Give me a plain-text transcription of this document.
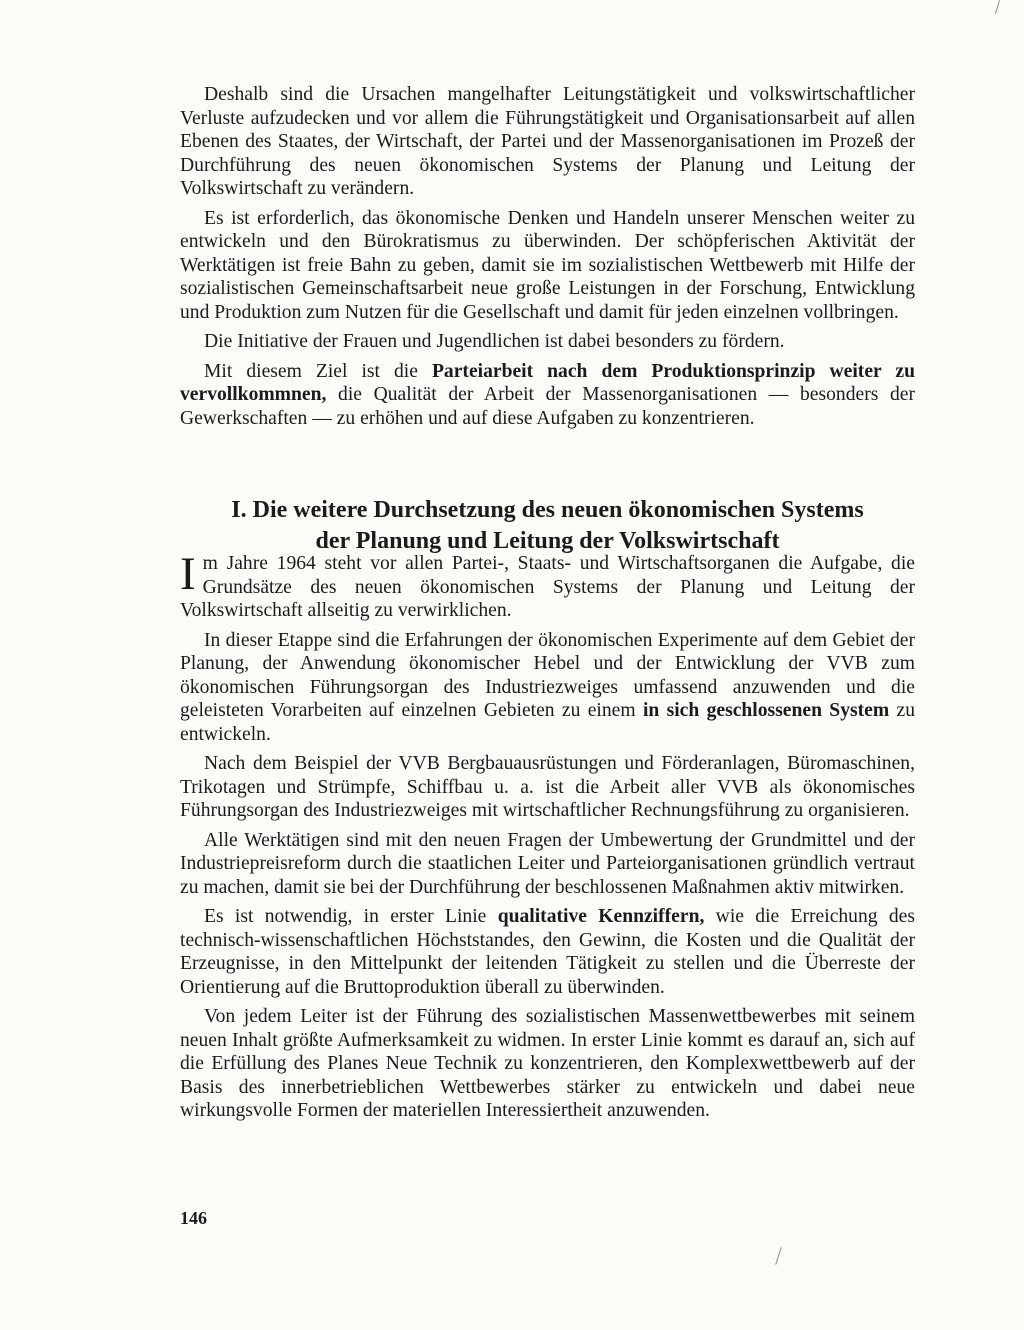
Deshalb sind die Ursachen mangelhafter Leitungstätigkeit und volkswirtschaftlicher Verluste aufzudecken und vor allem die Führungstätigkeit und Organisationsarbeit auf allen Ebenen des Staates, der Wirtschaft, der Partei und der Massenorganisationen im Prozeß der Durchführung des neuen ökonomischen Systems der Planung und Leitung der Volkswirtschaft zu verändern.

Es ist erforderlich, das ökonomische Denken und Handeln unserer Menschen weiter zu entwickeln und den Bürokratismus zu überwinden. Der schöpferischen Aktivität der Werktätigen ist freie Bahn zu geben, damit sie im sozialistischen Wettbewerb mit Hilfe der sozialistischen Gemeinschaftsarbeit neue große Leistungen in der Forschung, Entwicklung und Produktion zum Nutzen für die Gesellschaft und damit für jeden einzelnen vollbringen.

Die Initiative der Frauen und Jugendlichen ist dabei besonders zu fördern.

Mit diesem Ziel ist die Parteiarbeit nach dem Produktionsprinzip weiter zu vervollkommnen, die Qualität der Arbeit der Massenorganisationen — besonders der Gewerkschaften — zu erhöhen und auf diese Aufgaben zu konzentrieren.

I. Die weitere Durchsetzung des neuen ökonomischen Systems
der Planung und Leitung der Volkswirtschaft

Im Jahre 1964 steht vor allen Partei-, Staats- und Wirtschaftsorganen die Aufgabe, die Grundsätze des neuen ökonomischen Systems der Planung und Leitung der Volkswirtschaft allseitig zu verwirklichen.

In dieser Etappe sind die Erfahrungen der ökonomischen Experimente auf dem Gebiet der Planung, der Anwendung ökonomischer Hebel und der Entwicklung der VVB zum ökonomischen Führungsorgan des Industriezweiges umfassend anzuwenden und die geleisteten Vorarbeiten auf einzelnen Gebieten zu einem in sich geschlossenen System zu entwickeln.

Nach dem Beispiel der VVB Bergbauausrüstungen und Förderanlagen, Büromaschinen, Trikotagen und Strümpfe, Schiffbau u. a. ist die Arbeit aller VVB als ökonomisches Führungsorgan des Industriezweiges mit wirtschaftlicher Rechnungsführung zu organisieren.

Alle Werktätigen sind mit den neuen Fragen der Umbewertung der Grundmittel und der Industriepreisreform durch die staatlichen Leiter und Parteiorganisationen gründlich vertraut zu machen, damit sie bei der Durchführung der beschlossenen Maßnahmen aktiv mitwirken.

Es ist notwendig, in erster Linie qualitative Kennziffern, wie die Erreichung des technisch-wissenschaftlichen Höchststandes, den Gewinn, die Kosten und die Qualität der Erzeugnisse, in den Mittelpunkt der leitenden Tätigkeit zu stellen und die Überreste der Orientierung auf die Bruttoproduktion überall zu überwinden.

Von jedem Leiter ist der Führung des sozialistischen Massenwettbewerbes mit seinem neuen Inhalt größte Aufmerksamkeit zu widmen. In erster Linie kommt es darauf an, sich auf die Erfüllung des Planes Neue Technik zu konzentrieren, den Komplexwettbewerb auf der Basis des innerbetrieblichen Wettbewerbes stärker zu entwickeln und dabei neue wirkungsvolle Formen der materiellen Interessiertheit anzuwenden.

146
